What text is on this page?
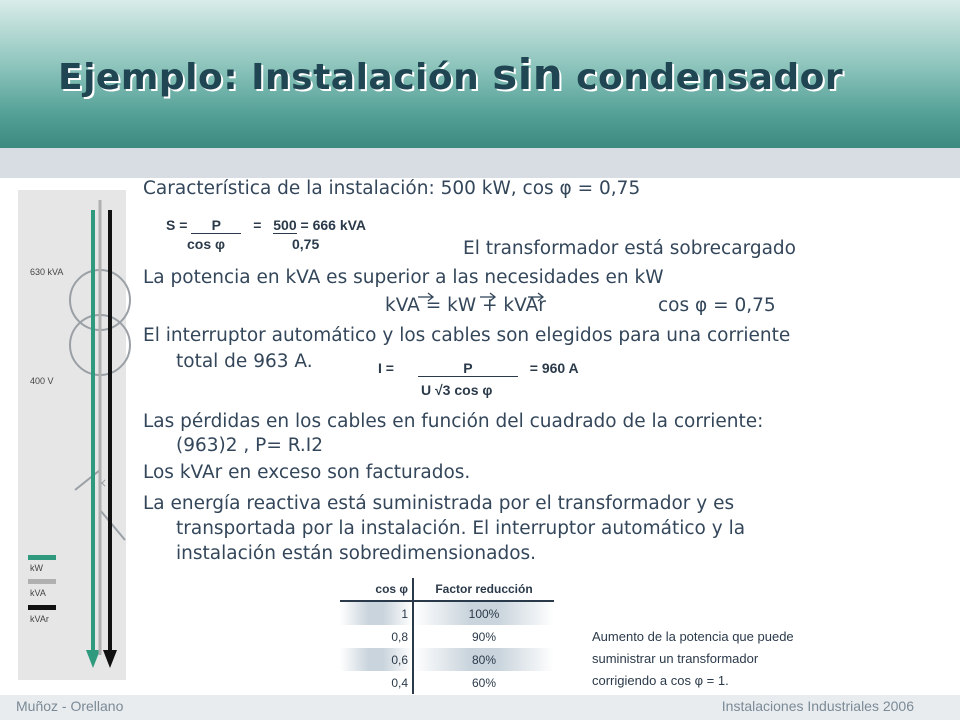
Ejemplo: Instalación sin condensador
×
630 kVA
400 V
kW
kVA
kVAr
Característica de la instalación: 500 kW, cos φ = 0,75
S = P = 500 = 666 kVA
cos φ	0,75	El transformador está sobrecargado
La potencia en kVA es superior a las necesidades en kW
kVA = kW + kVAr	cos φ = 0,75
El interruptor automático y los cables son elegidos para una corriente
total de 963 A.	I =	P	= 960 A
U √3 cos φ
Las pérdidas en los cables en función del cuadrado de la corriente:
(963)2 , P= R.I2
Los kVAr en exceso son facturados.
La energía reactiva está suministrada por el transformador y es
transportada por la instalación. El interruptor automático y la
instalación están sobredimensionados.
cos φ	Factor reducción
1	100%
0,8	90%
0,6	80%
0,4	60%
Aumento de la potencia que puede
suministrar un transformador
corrigiendo a cos φ = 1.
Muñoz - Orellano	Instalaciones Industriales 2006
